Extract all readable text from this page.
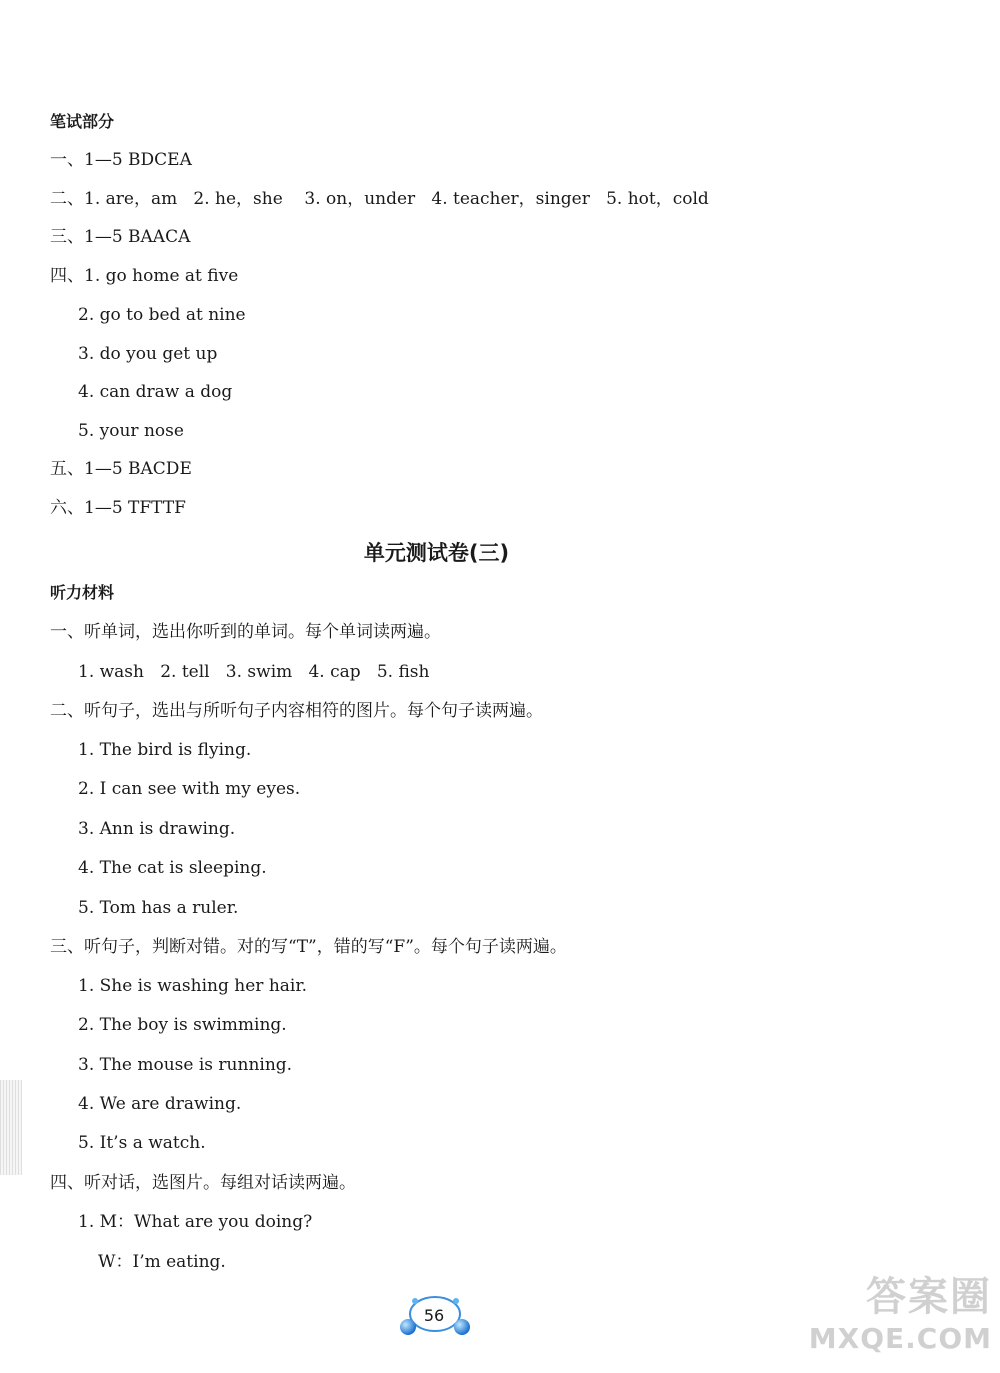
笔试部分
一、1—5 BDCEA
二、1. are，am   2. he，she    3. on，under   4. teacher，singer   5. hot，cold
三、1—5 BAACA
四、1. go home at five
2. go to bed at nine
3. do you get up
4. can draw a dog
5. your nose
五、1—5 BACDE
六、1—5 TFTTF
单元测试卷(三)
听力材料
一、听单词，选出你听到的单词。每个单词读两遍。
1. wash   2. tell   3. swim   4. cap   5. fish
二、听句子，选出与所听句子内容相符的图片。每个句子读两遍。
1. The bird is flying.
2. I can see with my eyes.
3. Ann is drawing.
4. The cat is sleeping.
5. Tom has a ruler.
三、听句子，判断对错。对的写“T”，错的写“F”。每个句子读两遍。
1. She is washing her hair.
2. The boy is swimming.
3. The mouse is running.
4. We are drawing.
5. It’s a watch.
四、听对话，选图片。每组对话读两遍。
1. M：What are you doing?
W：I’m eating.
56	答案圈
MXQE.COM
